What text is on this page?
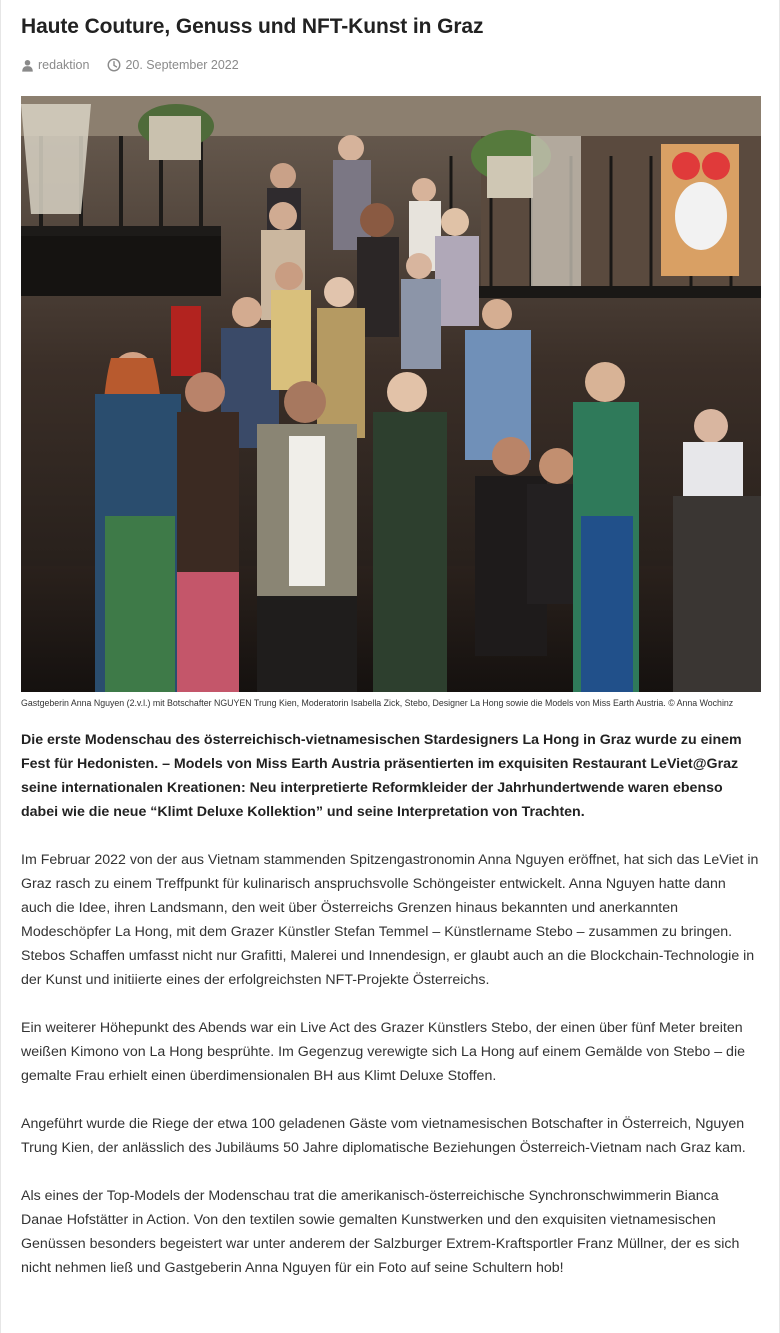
Haute Couture, Genuss und NFT-Kunst in Graz
redaktion	20. September 2022
Gastgeberin Anna Nguyen (2.v.l.) mit Botschafter NGUYEN Trung Kien, Moderatorin Isabella Zick, Stebo, Designer La Hong sowie die Models von Miss Earth Austria. © Anna Wochinz

Die erste Modenschau des österreichisch-vietnamesischen Stardesigners La Hong in Graz wurde zu einem Fest für Hedonisten. – Models von Miss Earth Austria präsentierten im exquisiten Restaurant LeViet@Graz seine internationalen Kreationen: Neu interpretierte Reformkleider der Jahrhundertwende waren ebenso dabei wie die neue “Klimt Deluxe Kollektion” und seine Interpretation von Trachten.

Im Februar 2022 von der aus Vietnam stammenden Spitzengastronomin Anna Nguyen eröffnet, hat sich das LeViet in Graz rasch zu einem Treffpunkt für kulinarisch anspruchsvolle Schöngeister entwickelt. Anna Nguyen hatte dann auch die Idee, ihren Landsmann, den weit über Österreichs Grenzen hinaus bekannten und anerkannten Modeschöpfer La Hong, mit dem Grazer Künstler Stefan Temmel – Künstlername Stebo – zusammen zu bringen. Stebos Schaffen umfasst nicht nur Grafitti, Malerei und Innendesign, er glaubt auch an die Blockchain-Technologie in der Kunst und initiierte eines der erfolgreichsten NFT-Projekte Österreichs.

Ein weiterer Höhepunkt des Abends war ein Live Act des Grazer Künstlers Stebo, der einen über fünf Meter breiten weißen Kimono von La Hong besprühte. Im Gegenzug verewigte sich La Hong auf einem Gemälde von Stebo – die gemalte Frau erhielt einen überdimensionalen BH aus Klimt Deluxe Stoffen.

Angeführt wurde die Riege der etwa 100 geladenen Gäste vom vietnamesischen Botschafter in Österreich, Nguyen Trung Kien, der anlässlich des Jubiläums 50 Jahre diplomatische Beziehungen Österreich-Vietnam nach Graz kam.

Als eines der Top-Models der Modenschau trat die amerikanisch-österreichische Synchronschwimmerin Bianca Danae Hofstätter in Action. Von den textilen sowie gemalten Kunstwerken und den exquisiten vietnamesischen Genüssen besonders begeistert war unter anderem der Salzburger Extrem-Kraftsportler Franz Müllner, der es sich nicht nehmen ließ und Gastgeberin Anna Nguyen für ein Foto auf seine Schultern hob!
